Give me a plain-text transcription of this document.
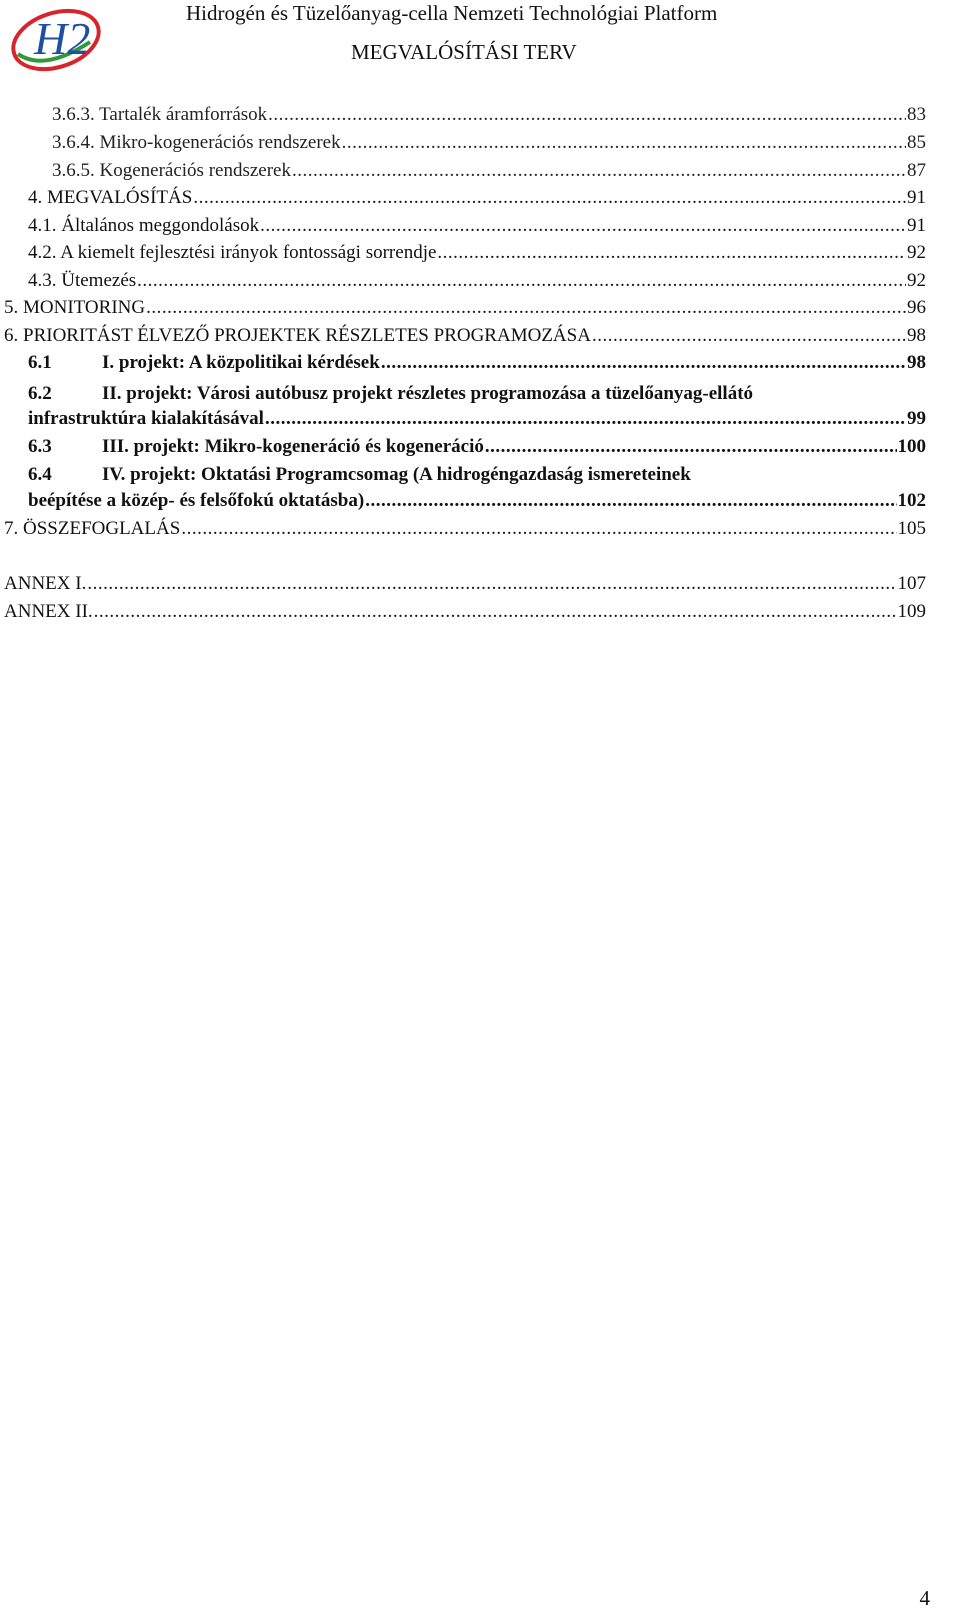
H2	Hidrogén és Tüzelőanyag-cella Nemzeti Technológiai Platform
MEGVALÓSÍTÁSI TERV
3.6.3. Tartalék áramforrások .....	83
3.6.4. Mikro-kogenerációs rendszerek .....	85
3.6.5. Kogenerációs rendszerek .....	87
4. MEGVALÓSÍTÁS .....	91
4.1. Általános meggondolások .....	91
4.2. A kiemelt fejlesztési irányok fontossági sorrendje .....	92
4.3. Ütemezés .....	92
5. MONITORING .....	96
6. PRIORITÁST ÉLVEZŐ PROJEKTEK RÉSZLETES PROGRAMOZÁSA .....	98
6.1	I. projekt: A közpolitikai kérdések .....	98
6.2	II. projekt: Városi autóbusz projekt részletes programozása a tüzelőanyag-ellátó
infrastruktúra kialakításával .....	99
6.3	III. projekt: Mikro-kogeneráció és kogeneráció .....	100
6.4	IV. projekt: Oktatási Programcsomag (A hidrogéngazdaság ismereteinek
beépítése a közép- és felsőfokú oktatásba) .....	102
7. ÖSSZEFOGLALÁS .....	105
ANNEX I. .....	107
ANNEX II. .....	109
4
